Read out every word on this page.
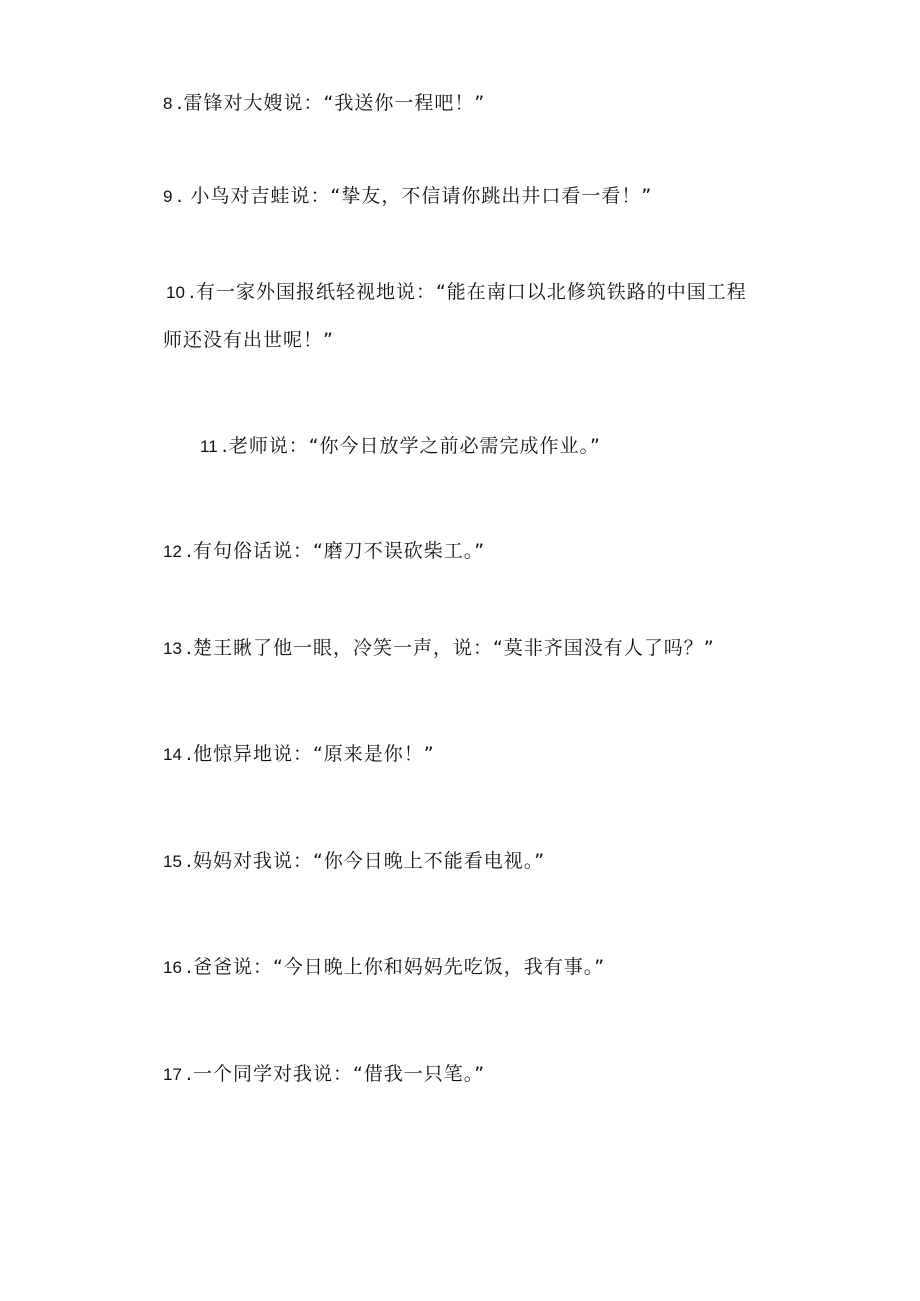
8 .雷锋对大嫂说：“我送你一程吧！”
9 . 小鸟对吉蛙说：“挚友，不信请你跳出井口看一看！”
10 .有一家外国报纸轻视地说：“能在南口以北修筑铁路的中国工程
师还没有出世呢！”
11 .老师说：“你今日放学之前必需完成作业。”
12 .有句俗话说：“磨刀不误砍柴工。”
13 .楚王瞅了他一眼，冷笑一声，说：“莫非齐国没有人了吗？”
14 .他惊异地说：“原来是你！”
15 .妈妈对我说：“你今日晚上不能看电视。”
16 .爸爸说：“今日晚上你和妈妈先吃饭，我有事。”
17 .一个同学对我说：“借我一只笔。”
